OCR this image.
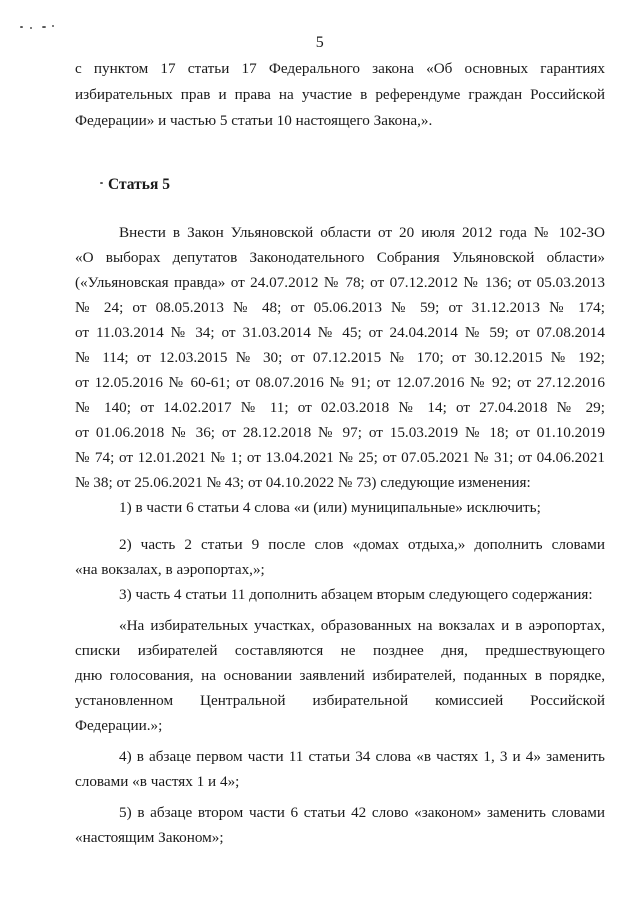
5
с пунктом 17 статьи 17 Федерального закона «Об основных гарантиях
избирательных прав и права на участие в референдуме граждан Российской
Федерации» и частью 5 статьи 10 настоящего Закона,».
Статья 5
Внести в Закон Ульяновской области от 20 июля 2012 года № 102-ЗО
«О выборах депутатов Законодательного Собрания Ульяновской области»
(«Ульяновская правда» от 24.07.2012 № 78; от 07.12.2012 № 136; от 05.03.2013
№ 24; от 08.05.2013 № 48; от 05.06.2013 № 59; от 31.12.2013 № 174;
от 11.03.2014 № 34; от 31.03.2014 № 45; от 24.04.2014 № 59; от 07.08.2014
№ 114; от 12.03.2015 № 30; от 07.12.2015 № 170; от 30.12.2015 № 192;
от 12.05.2016 № 60-61; от 08.07.2016 № 91; от 12.07.2016 № 92; от 27.12.2016
№ 140; от 14.02.2017 № 11; от 02.03.2018 № 14; от 27.04.2018 № 29;
от 01.06.2018 № 36; от 28.12.2018 № 97; от 15.03.2019 № 18; от 01.10.2019
№ 74; от 12.01.2021 № 1; от 13.04.2021 № 25; от 07.05.2021 № 31; от 04.06.2021
№ 38; от 25.06.2021 № 43; от 04.10.2022 № 73) следующие изменения:
1) в части 6 статьи 4 слова «и (или) муниципальные» исключить;
2) часть 2 статьи 9 после слов «домах отдыха,» дополнить словами
«на вокзалах, в аэропортах,»;
3) часть 4 статьи 11 дополнить абзацем вторым следующего содержания:
«На избирательных участках, образованных на вокзалах и в аэропортах,
списки избирателей составляются не позднее дня, предшествующего
дню голосования, на основании заявлений избирателей, поданных в порядке,
установленном Центральной избирательной комиссией Российской
Федерации.»;
4) в абзаце первом части 11 статьи 34 слова «в частях 1, 3 и 4» заменить
словами «в частях 1 и 4»;
5) в абзаце втором части 6 статьи 42 слово «законом» заменить словами
«настоящим Законом»;
